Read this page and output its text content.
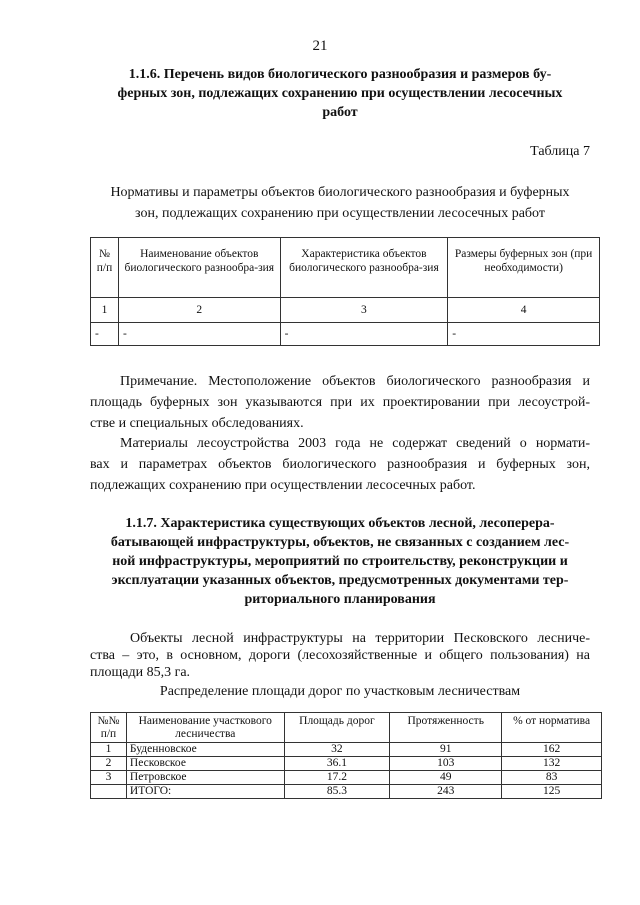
21
1.1.6. Перечень видов биологического разнообразия и размеров бу-
ферных зон, подлежащих сохранению при осуществлении лесосечных
работ
Таблица 7
Нормативы и параметры объектов биологического разнообразия и буферных
зон, подлежащих сохранению при осуществлении лесосечных работ
№ п/п	Наименование объектов биологического разнообра-зия	Характеристика объектов биологического разнообра-зия	Размеры буферных зон (при необходимости)
1	2	3	4
-	-	-	-
Примечание. Местоположение объектов биологического разнообразия и
площадь буферных зон указываются при их проектировании при лесоустрой-
стве и специальных обследованиях.
Материалы лесоустройства 2003 года не содержат сведений о нормати-
вах и параметрах объектов биологического разнообразия и буферных зон,
подлежащих сохранению при осуществлении лесосечных работ.
1.1.7. Характеристика существующих объектов лесной, лесоперера-
батывающей инфраструктуры, объектов, не связанных с созданием лес-
ной инфраструктуры, мероприятий по строительству, реконструкции и
эксплуатации указанных объектов, предусмотренных документами тер-
риториального планирования
Объекты лесной инфраструктуры на территории Песковского лесниче-
ства – это, в основном, дороги (лесохозяйственные и общего пользования) на
площади 85,3 га.
Распределение площади дорог по участковым лесничествам
№№ п/п	Наименование участкового лесничества	Площадь дорог	Протяженность	% от норматива
1	Буденновское	32	91	162
2	Песковское	36.1	103	132
3	Петровское	17.2	49	83
	ИТОГО:	85.3	243	125
